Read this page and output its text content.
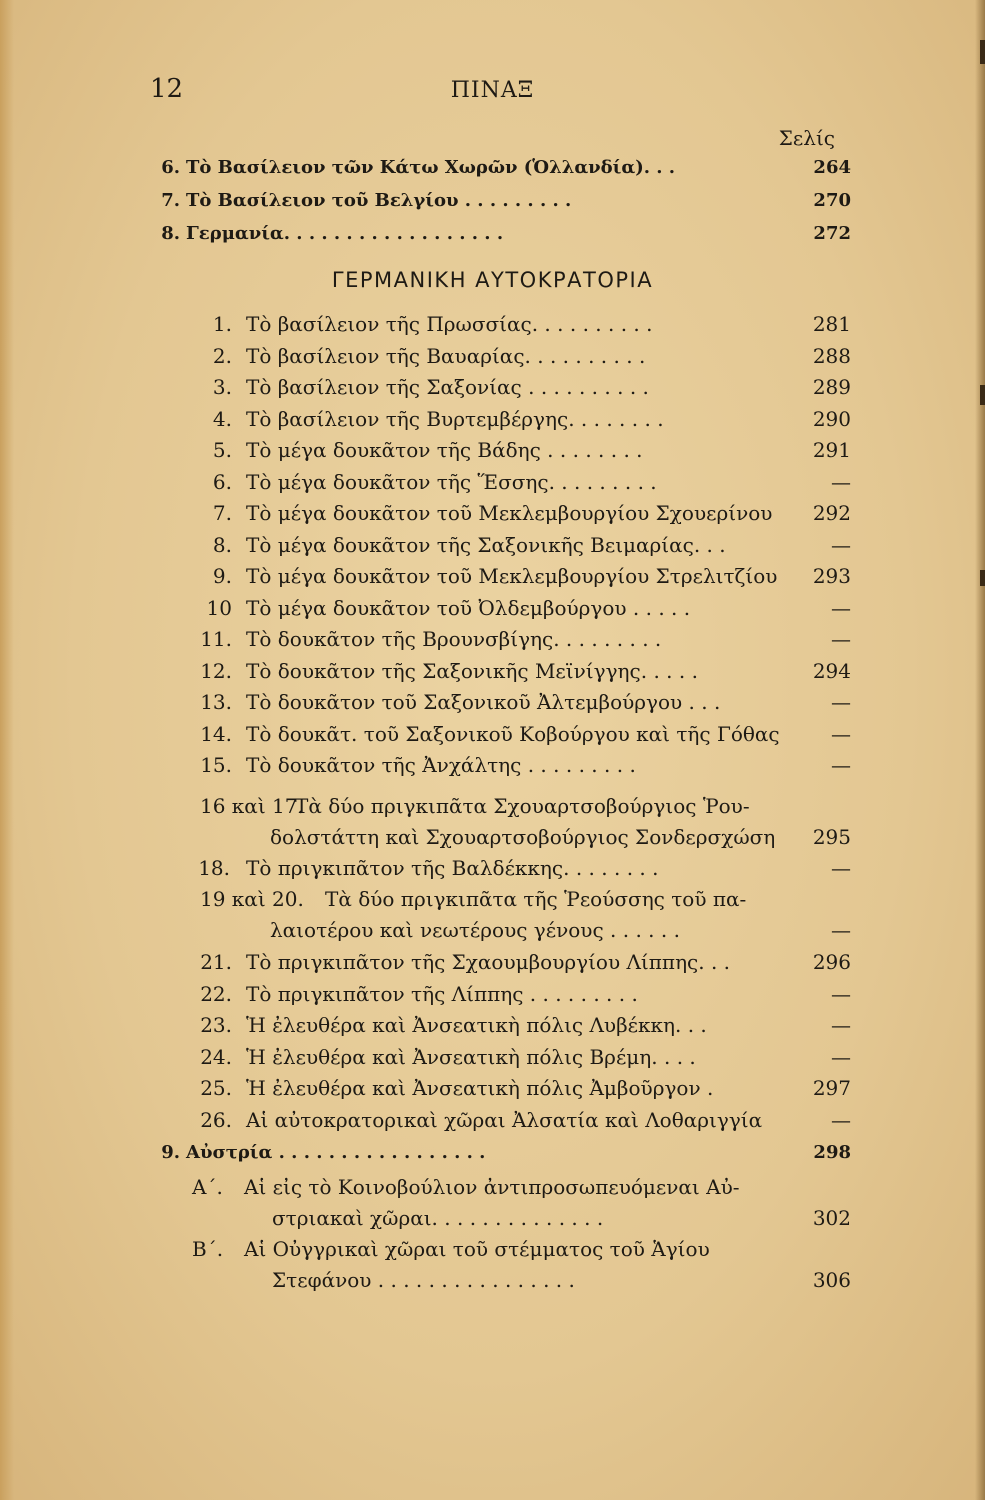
12	ΠΙΝΑΞ
Σελίς
6. Τὸ Βασίλειον τῶν Κάτω Χωρῶν (Ὁλλανδία). . .	264
7. Τὸ Βασίλειον τοῦ Βελγίου . . . . . . . . .	270
8. Γερμανία. . . . . . . . . . . . . . . . . .	272
ΓΕΡΜΑΝΙΚΗ ΑΥΤΟΚΡΑΤΟΡΙΑ
1. Τὸ βασίλειον τῆς Πρωσσίας. . . . . . . . . .	281
2. Τὸ βασίλειον τῆς Βαυαρίας. . . . . . . . . .	288
3. Τὸ βασίλειον τῆς Σαξονίας . . . . . . . . . .	289
4. Τὸ βασίλειον τῆς Βυρτεμβέργης. . . . . . . .	290
5. Τὸ μέγα δουκᾶτον τῆς Βάδης . . . . . . . .	291
6. Τὸ μέγα δουκᾶτον τῆς Ἕσσης. . . . . . . . .	—
7. Τὸ μέγα δουκᾶτον τοῦ Μεκλεμβουργίου Σχουερίνου	292
8. Τὸ μέγα δουκᾶτον τῆς Σαξονικῆς Βειμαρίας. . .	—
9. Τὸ μέγα δουκᾶτον τοῦ Μεκλεμβουργίου Στρελιτζίου	293
10 Τὸ μέγα δουκᾶτον τοῦ Ὀλδεμβούργου . . . . .	—
11. Τὸ δουκᾶτον τῆς Βρουνσβίγης. . . . . . . . .	—
12. Τὸ δουκᾶτον τῆς Σαξονικῆς Μεϊνίγγης. . . . .	294
13. Τὸ δουκᾶτον τοῦ Σαξονικοῦ Ἀλτεμβούργου . . .	—
14. Τὸ δουκᾶτ. τοῦ Σαξονικοῦ Κοβούργου καὶ τῆς Γόθας	—
15. Τὸ δουκᾶτον τῆς Ἀνχάλτης . . . . . . . . .	—
16 καὶ 17.
Τὰ δύο πριγκιπᾶτα Σχουαρτσοβούργιος Ῥου-
δολστάττη καὶ Σχουαρτσοβούργιος Σονδερσχώση	295
18. Τὸ πριγκιπᾶτον τῆς Βαλδέκκης. . . . . . . .	—
19 καὶ 20. Τὰ δύο πριγκιπᾶτα τῆς Ῥεούσσης τοῦ πα-
λαιοτέρου καὶ νεωτέρους γένους . . . . . .	—
21. Τὸ πριγκιπᾶτον τῆς Σχαουμβουργίου Λίππης. . .	296
22. Τὸ πριγκιπᾶτον τῆς Λίππης . . . . . . . . .	—
23. Ἡ ἐλευθέρα καὶ Ἀνσεατικὴ πόλις Λυβέκκη. . .	—
24. Ἡ ἐλευθέρα καὶ Ἀνσεατικὴ πόλις Βρέμη. . . .	—
25. Ἡ ἐλευθέρα καὶ Ἀνσεατικὴ πόλις Ἀμβοῦργον .	297
26. Αἱ αὐτοκρατορικαὶ χῶραι Ἀλσατία καὶ Λοθαριγγία	—
9. Αὐστρία . . . . . . . . . . . . . . . . .	298
Α΄.	Αἱ εἰς τὸ Κοινοβούλιον ἀντιπροσωπευόμεναι Αὐ-
στριακαὶ χῶραι. . . . . . . . . . . . . .	302
Β΄.	Αἱ Οὐγγρικαὶ χῶραι τοῦ στέμματος τοῦ Ἁγίου
Στεφάνου . . . . . . . . . . . . . . . .	306
